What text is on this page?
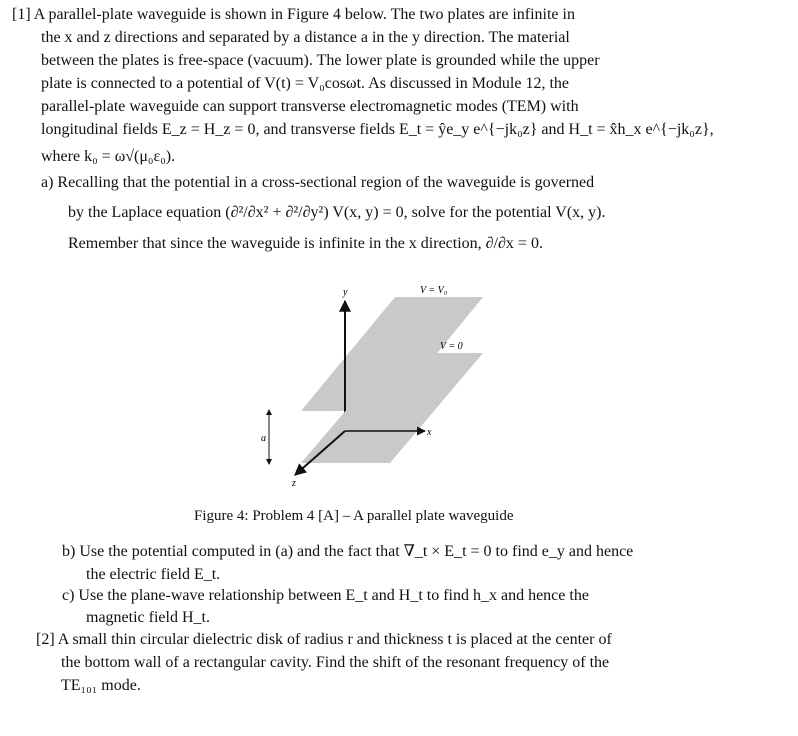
[1] A parallel-plate waveguide is shown in Figure 4 below. The two plates are infinite in
the x and z directions and separated by a distance a in the y direction. The material
between the plates is free-space (vacuum). The lower plate is grounded while the upper
plate is connected to a potential of V(t) = V₀cosωt. As discussed in Module 12, the
parallel-plate waveguide can support transverse electromagnetic modes (TEM) with
longitudinal fields E_z = H_z = 0, and transverse fields E_t = ŷe_y e^{−jk₀z} and H_t = x̂h_x e^{−jk₀z},
where k₀ = ω√(μ₀ε₀).
a) Recalling that the potential in a cross-sectional region of the waveguide is governed
by the Laplace equation (∂²/∂x² + ∂²/∂y²) V(x, y) = 0, solve for the potential V(x, y).
Remember that since the waveguide is infinite in the x direction, ∂/∂x = 0.
a
y
x
z
V = V₀
V = 0
Figure 4: Problem 4 [A] – A parallel plate waveguide
b) Use the potential computed in (a) and the fact that ∇_t × E_t = 0 to find e_y and hence
the electric field E_t.
c) Use the plane-wave relationship between E_t and H_t to find h_x and hence the
magnetic field H_t.
[2] A small thin circular dielectric disk of radius r and thickness t is placed at the center of
the bottom wall of a rectangular cavity. Find the shift of the resonant frequency of the
TE₁₀₁ mode.
